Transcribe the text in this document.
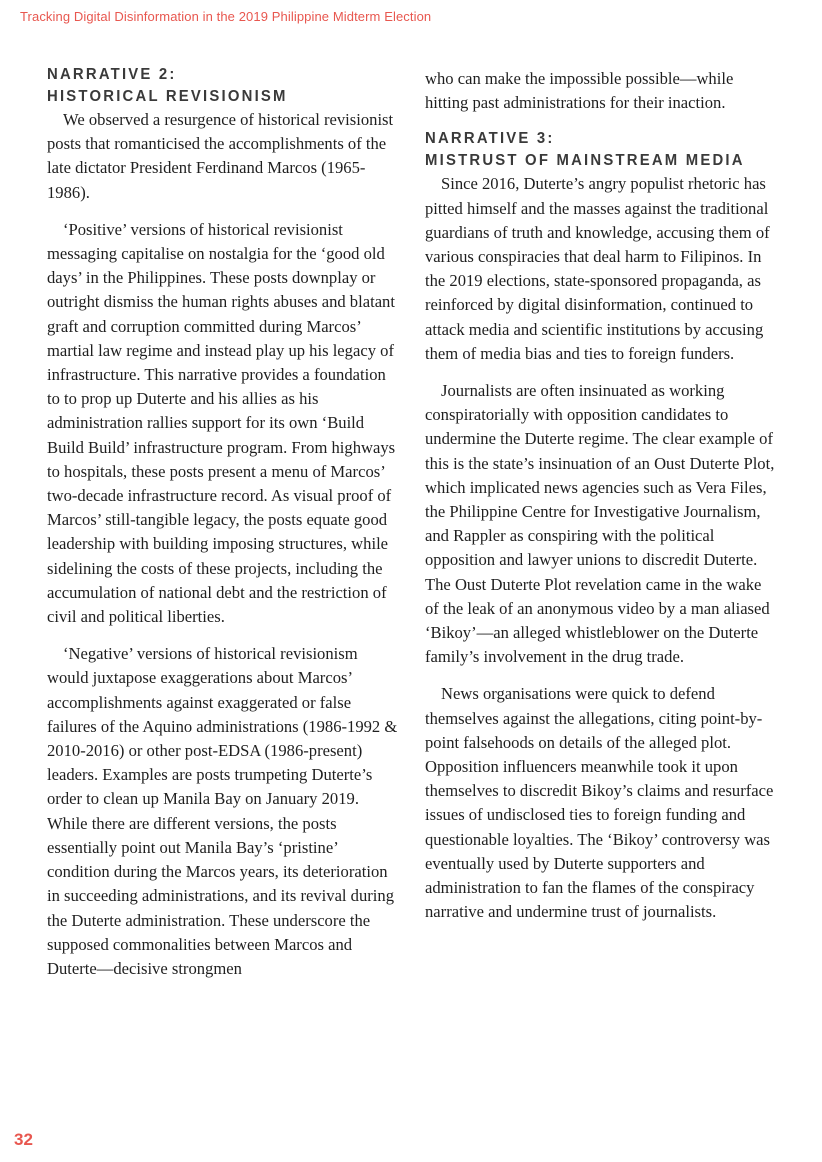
Tracking Digital Disinformation in the 2019 Philippine Midterm Election
NARRATIVE 2:
HISTORICAL REVISIONISM

We observed a resurgence of historical revisionist posts that romanticised the accomplishments of the late dictator President Ferdinand Marcos (1965-1986).

‘Positive’ versions of historical revisionist messaging capitalise on nostalgia for the ‘good old days’ in the Philippines. These posts downplay or outright dismiss the human rights abuses and blatant graft and corruption committed during Marcos’ martial law regime and instead play up his legacy of infrastructure. This narrative provides a foundation to to prop up Duterte and his allies as his administration rallies support for its own ‘Build Build Build’ infrastructure program. From highways to hospitals, these posts present a menu of Marcos’ two-decade infrastructure record. As visual proof of Marcos’ still-tangible legacy, the posts equate good leadership with building imposing structures, while sidelining the costs of these projects, including the accumulation of national debt and the restriction of civil and political liberties.

‘Negative’ versions of historical revisionism would juxtapose exaggerations about Marcos’ accomplishments against exaggerated or false failures of the Aquino administrations (1986-1992 & 2010-2016) or other post-EDSA (1986-present) leaders. Examples are posts trumpeting Duterte’s order to clean up Manila Bay on January 2019. While there are different versions, the posts essentially point out Manila Bay’s ‘pristine’ condition during the Marcos years, its deterioration in succeeding administrations, and its revival during the Duterte administration. These underscore the supposed commonalities between Marcos and Duterte—decisive strongmen

who can make the impossible possible—while hitting past administrations for their inaction.

NARRATIVE 3:
MISTRUST OF MAINSTREAM MEDIA

Since 2016, Duterte’s angry populist rhetoric has pitted himself and the masses against the traditional guardians of truth and knowledge, accusing them of various conspiracies that deal harm to Filipinos. In the 2019 elections, state-sponsored propaganda, as reinforced by digital disinformation, continued to attack media and scientific institutions by accusing them of media bias and ties to foreign funders.

Journalists are often insinuated as working conspiratorially with opposition candidates to undermine the Duterte regime. The clear example of this is the state’s insinuation of an Oust Duterte Plot, which implicated news agencies such as Vera Files, the Philippine Centre for Investigative Journalism, and Rappler as conspiring with the political opposition and lawyer unions to discredit Duterte. The Oust Duterte Plot revelation came in the wake of the leak of an anonymous video by a man aliased ‘Bikoy’—an alleged whistleblower on the Duterte family’s involvement in the drug trade.

News organisations were quick to defend themselves against the allegations, citing point-by-point falsehoods on details of the alleged plot. Opposition influencers meanwhile took it upon themselves to discredit Bikoy’s claims and resurface issues of undisclosed ties to foreign funding and questionable loyalties. The ‘Bikoy’ controversy was eventually used by Duterte supporters and administration to fan the flames of the conspiracy narrative and undermine trust of journalists.

32
